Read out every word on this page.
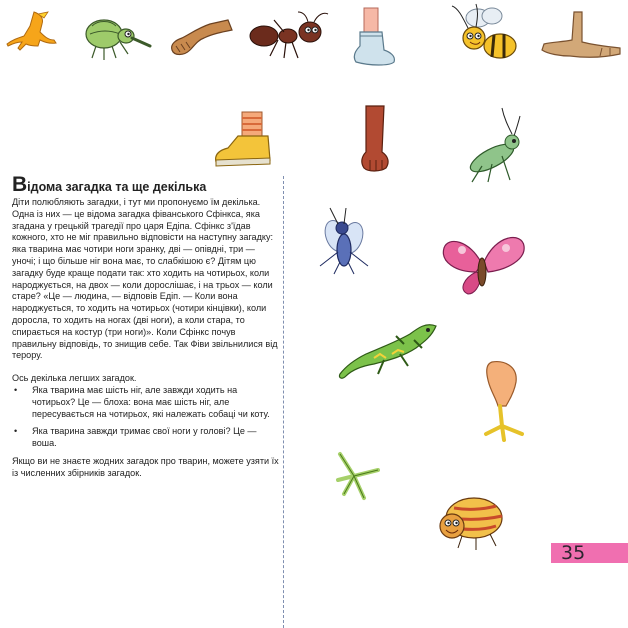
Відома загадка та ще декілька

Діти полюбляють загадки, і тут ми пропонуємо їм декілька.

Одна із них — це відома загадка фіванського Сфінкса, яка згадана у грецькій трагедії про царя Едіпа. Сфінкс з'їдав кожного, хто не міг правильно відповісти на наступну загадку: яка тварина має чотири ноги зранку, дві — опівдні, три — уночі; і що більше ніг вона має, то слабкішою є? Дітям цю загадку буде краще подати так: хто ходить на чотирьох, коли народжується, на двох — коли дорослішає, і на трьох — коли старе? «Це — людина, — відповів Едіп. — Коли вона народжується, то ходить на чотирьох (чотири кінцівки), коли доросла, то ходить на ногах (дві ноги), а коли стара, то спирається на костур (три ноги)». Коли Сфінкс почув правильну відповідь, то знищив себе. Так Фіви звільнилися від терору.

Ось декілька легших загадок.

• Яка тварина має шість ніг, але завжди ходить на чотирьох? Це — блоха: вона має шість ніг, але пересувається на чотирьох, які належать собаці чи коту.
• Яка тварина завжди тримає свої ноги у голові? Це — воша.

Якщо ви не знаєте жодних загадок про тварин, можете узяти їх із численних збірників загадок.

35
